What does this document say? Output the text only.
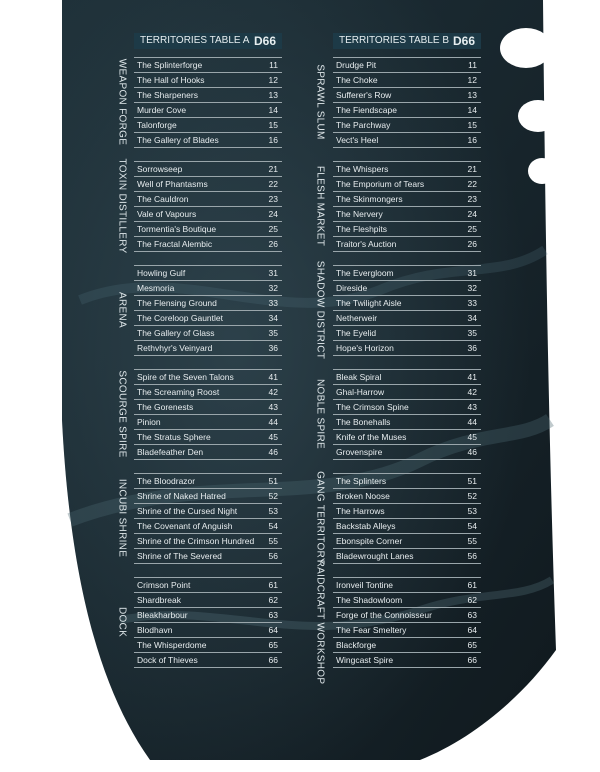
TERRITORIES TABLE A D66	TERRITORIES TABLE B D66
WEAPON FORGE The Splinterforge	11
The Hall of Hooks	12
The Sharpeners	13
Murder Cove	14
Talonforge	15
The Gallery of Blades	16
TOXIN DISTILLERY Sorrowseep	21
Well of Phantasms	22
The Cauldron	23
Vale of Vapours	24
Tormentia's Boutique	25
The Fractal Alembic	26
ARENA
Howling Gulf	31
Mesmoria	32
The Flensing Ground	33
The Coreloop Gauntlet	34
The Gallery of Glass	35
Rethvhyr's Veinyard	36
SCOURGE SPIRE Spire of the Seven Talons	41
The Screaming Roost	42
The Gorenests	43
Pinion	44
The Stratus Sphere	45
Bladefeather Den	46
INCUBI SHRINE The Bloodrazor	51
Shrine of Naked Hatred	52
Shrine of the Cursed Night	53
The Covenant of Anguish	54
Shrine of the Crimson Hundred 55
Shrine of The Severed	56
DOCK
Crimson Point	61
Shardbreak	62
Bleakharbour	63
Blodhavn	64
The Whisperdome	65
Dock of Thieves	66
SPRAWL SLUM Drudge Pit	11
The Choke	12
Sufferer's Row	13
The Fiendscape	14
The Parchway	15
Vect's Heel	16
FLESH MARKET The Whispers	21
The Emporium of Tears	22
The Skinmongers	23
The Nervery	24
The Fleshpits	25
Traitor's Auction	26
SHADOW DISTRICT The Evergloom	31
Direside	32
The Twilight Aisle	33
Netherweir	34
The Eyelid	35
Hope's Horizon	36
NOBLE SPIRE
Bleak Spiral	41
Ghal-Harrow	42
The Crimson Spine	43
The Bonehalls	44
Knife of the Muses	45
Grovenspire	46
GANG TERRITORY The Splinters	51
Broken Noose	52
The Harrows	53
Backstab Alleys	54
Ebonspite Corner	55
Bladewrought Lanes	56
RAIDCRAFT WORKSHOP Ironveil Tontine	61
The Shadowloom	62
Forge of the Connoisseur	63
The Fear Smeltery	64
Blackforge	65
Wingcast Spire	66
